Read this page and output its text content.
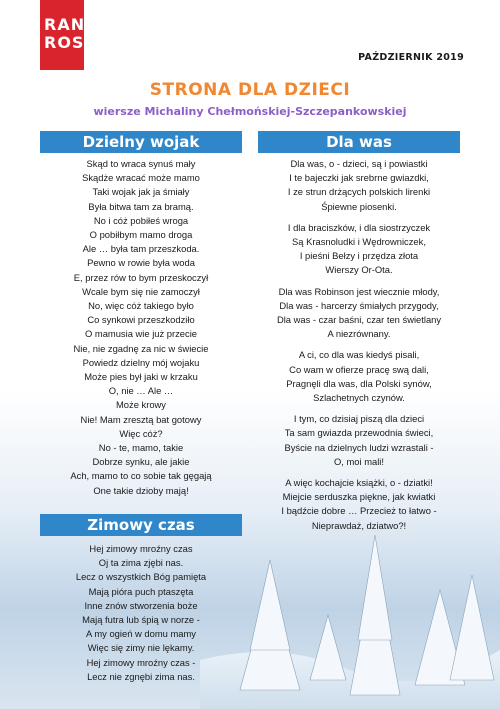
RANNA
ROSA
PAŹDZIERNIK 2019
STRONA DLA DZIECI
wiersze Michaliny Chełmońskiej-Szczepankowskiej
Dzielny wojak
Skąd to wraca synuś mały
Skądże wracać może mamo
Taki wojak jak ja śmiały
Była bitwa tam za bramą.
No i cóż pobiłeś wroga
O pobiłbym mamo droga
Ale … była tam przeszkoda.
Pewno w rowie była woda
E, przez rów to bym przeskoczył
Wcale bym się nie zamoczył
No, więc cóż takiego było
Co synkowi przeszkodziło
O mamusia wie już przecie
Nie, nie zgadnę za nic w świecie
Powiedz dzielny mój wojaku
Może pies był jaki w krzaku
O, nie … Ale …
Może krowy
Nie! Mam zresztą bat gotowy
Więc cóż?
No - te, mamo, takie
Dobrze synku, ale jakie
Ach, mamo to co sobie tak gęgają
One takie dzioby mają!
Zimowy czas
Hej zimowy mroźny czas
Oj ta zima zjębi nas.
Lecz o wszystkich Bóg pamięta
Mają pióra puch ptaszęta
Inne znów stworzenia boże
Mają futra lub śpią w norze -
A my ogień w domu mamy
Więc się zimy nie lękamy.
Hej zimowy mroźny czas -
Lecz nie zgnębi zima nas.
Dla was
Dla was, o - dzieci, są i powiastki
I te bajeczki jak srebrne gwiazdki,
I ze strun drżących polskich lirenki
Śpiewne piosenki.
I dla braciszków, i dla siostrzyczek
Są Krasnoludki i Wędrowniczek,
I pieśni Bełzy i przędza złota
Wierszy Or-Ota.
Dla was Robinson jest wiecznie młody,
Dla was - harcerzy śmiałych przygody,
Dla was - czar baśni, czar ten świetlany
A niezrównany.
A ci, co dla was kiedyś pisali,
Co wam w ofierze pracę swą dali,
Pragnęli dla was, dla Polski synów,
Szlachetnych czynów.
I tym, co dzisiaj piszą dla dzieci
Ta sam gwiazda przewodnia świeci,
Byście na dzielnych ludzi wzrastali -
O, moi mali!
A więc kochajcie książki, o - dziatki!
Miejcie serduszka piękne, jak kwiatki
I bądźcie dobre … Przecież to łatwo -
Nieprawdaż, dziatwo?!
